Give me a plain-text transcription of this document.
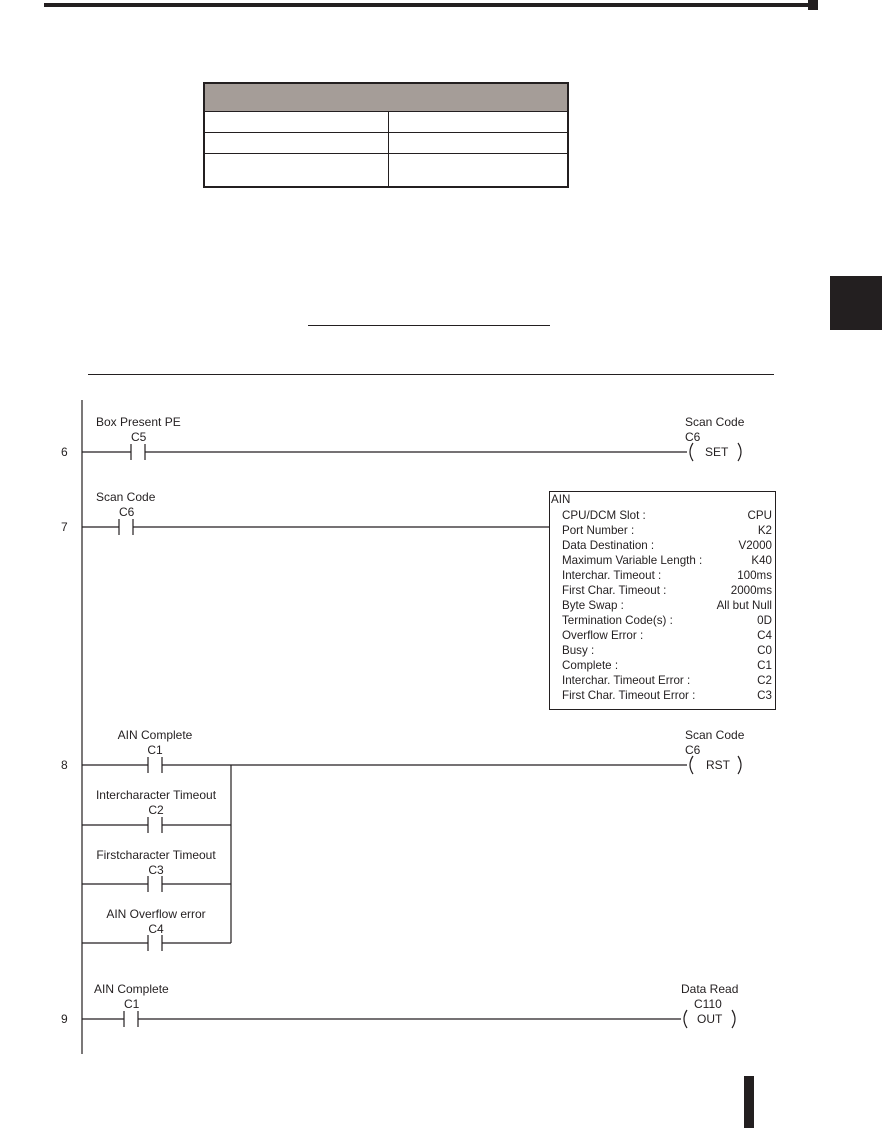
6
7
8
9
Box Present PE
C5
Scan Code
C6
SET
Scan Code
C6
AIN Complete
C1
Intercharacter Timeout
C2
Firstcharacter Timeout
C3
AIN Overflow error
C4
Scan Code
C6
RST
AIN Complete
C1
Data Read
C110
OUT
AIN
CPU/DCM Slot :	CPU
Port Number :	K2
Data Destination :	V2000
Maximum Variable Length :	K40
Interchar. Timeout :	100ms
First Char. Timeout :	2000ms
Byte Swap :	All but Null
Termination Code(s) :	0D
Overflow Error :	C4
Busy :	C0
Complete :	C1
Interchar. Timeout Error :	C2
First Char. Timeout Error :	C3
